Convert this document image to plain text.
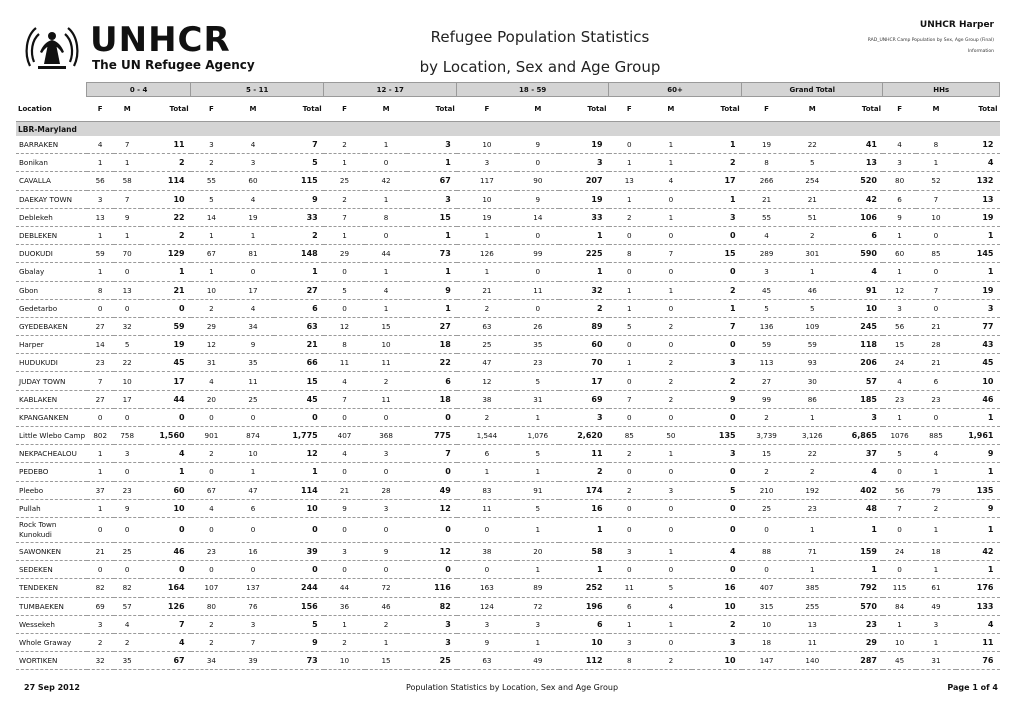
UNHCR
The UN Refugee Agency
Refugee Population Statistics
by Location, Sex and Age Group
UNHCR Harper
RAD_UNHCR Camp Population by Sex, Age Group (Final)
Information
	0 - 4			5 - 11			12 - 17			18 - 59			60+			Grand Total			HHs		
Location	F	M	Total	F	M	Total	F	M	Total	F	M	Total	F	M	Total	F	M	Total	F	M	Total
LBR-Maryland																					
BARRAKEN	4	7	11	3	4	7	2	1	3	10	9	19	0	1	1	19	22	41	4	8	12
Bonikan	1	1	2	2	3	5	1	0	1	3	0	3	1	1	2	8	5	13	3	1	4
CAVALLA	56	58	114	55	60	115	25	42	67	117	90	207	13	4	17	266	254	520	80	52	132
DAEKAY TOWN	3	7	10	5	4	9	2	1	3	10	9	19	1	0	1	21	21	42	6	7	13
Deblekeh	13	9	22	14	19	33	7	8	15	19	14	33	2	1	3	55	51	106	9	10	19
DEBLEKEN	1	1	2	1	1	2	1	0	1	1	0	1	0	0	0	4	2	6	1	0	1
DUOKUDI	59	70	129	67	81	148	29	44	73	126	99	225	8	7	15	289	301	590	60	85	145
Gbalay	1	0	1	1	0	1	0	1	1	1	0	1	0	0	0	3	1	4	1	0	1
Gbon	8	13	21	10	17	27	5	4	9	21	11	32	1	1	2	45	46	91	12	7	19
Gedetarbo	0	0	0	2	4	6	0	1	1	2	0	2	1	0	1	5	5	10	3	0	3
GYEDEBAKEN	27	32	59	29	34	63	12	15	27	63	26	89	5	2	7	136	109	245	56	21	77
Harper	14	5	19	12	9	21	8	10	18	25	35	60	0	0	0	59	59	118	15	28	43
HUDUKUDI	23	22	45	31	35	66	11	11	22	47	23	70	1	2	3	113	93	206	24	21	45
JUDAY TOWN	7	10	17	4	11	15	4	2	6	12	5	17	0	2	2	27	30	57	4	6	10
KABLAKEN	27	17	44	20	25	45	7	11	18	38	31	69	7	2	9	99	86	185	23	23	46
KPANGANKEN	0	0	0	0	0	0	0	0	0	2	1	3	0	0	0	2	1	3	1	0	1
Little Wlebo Camp	802	758	1,560	901	874	1,775	407	368	775	1,544	1,076	2,620	85	50	135	3,739	3,126	6,865	1076	885	1,961
NEKPACHEALOU	1	3	4	2	10	12	4	3	7	6	5	11	2	1	3	15	22	37	5	4	9
PEDEBO	1	0	1	0	1	1	0	0	0	1	1	2	0	0	0	2	2	4	0	1	1
Pleebo	37	23	60	67	47	114	21	28	49	83	91	174	2	3	5	210	192	402	56	79	135
Pullah	1	9	10	4	6	10	9	3	12	11	5	16	0	0	0	25	23	48	7	2	9
Rock Town Kunokudi	0	0	0	0	0	0	0	0	0	0	1	1	0	0	0	0	1	1	0	1	1
SAWONKEN	21	25	46	23	16	39	3	9	12	38	20	58	3	1	4	88	71	159	24	18	42
SEDEKEN	0	0	0	0	0	0	0	0	0	0	1	1	0	0	0	0	1	1	0	1	1
TENDEKEN	82	82	164	107	137	244	44	72	116	163	89	252	11	5	16	407	385	792	115	61	176
TUMBAEKEN	69	57	126	80	76	156	36	46	82	124	72	196	6	4	10	315	255	570	84	49	133
Wessekeh	3	4	7	2	3	5	1	2	3	3	3	6	1	1	2	10	13	23	1	3	4
Whole Graway	2	2	4	2	7	9	2	1	3	9	1	10	3	0	3	18	11	29	10	1	11
WORTIKEN	32	35	67	34	39	73	10	15	25	63	49	112	8	2	10	147	140	287	45	31	76
27 Sep 2012	Population Statistics by Location, Sex and Age Group	Page 1 of 4
